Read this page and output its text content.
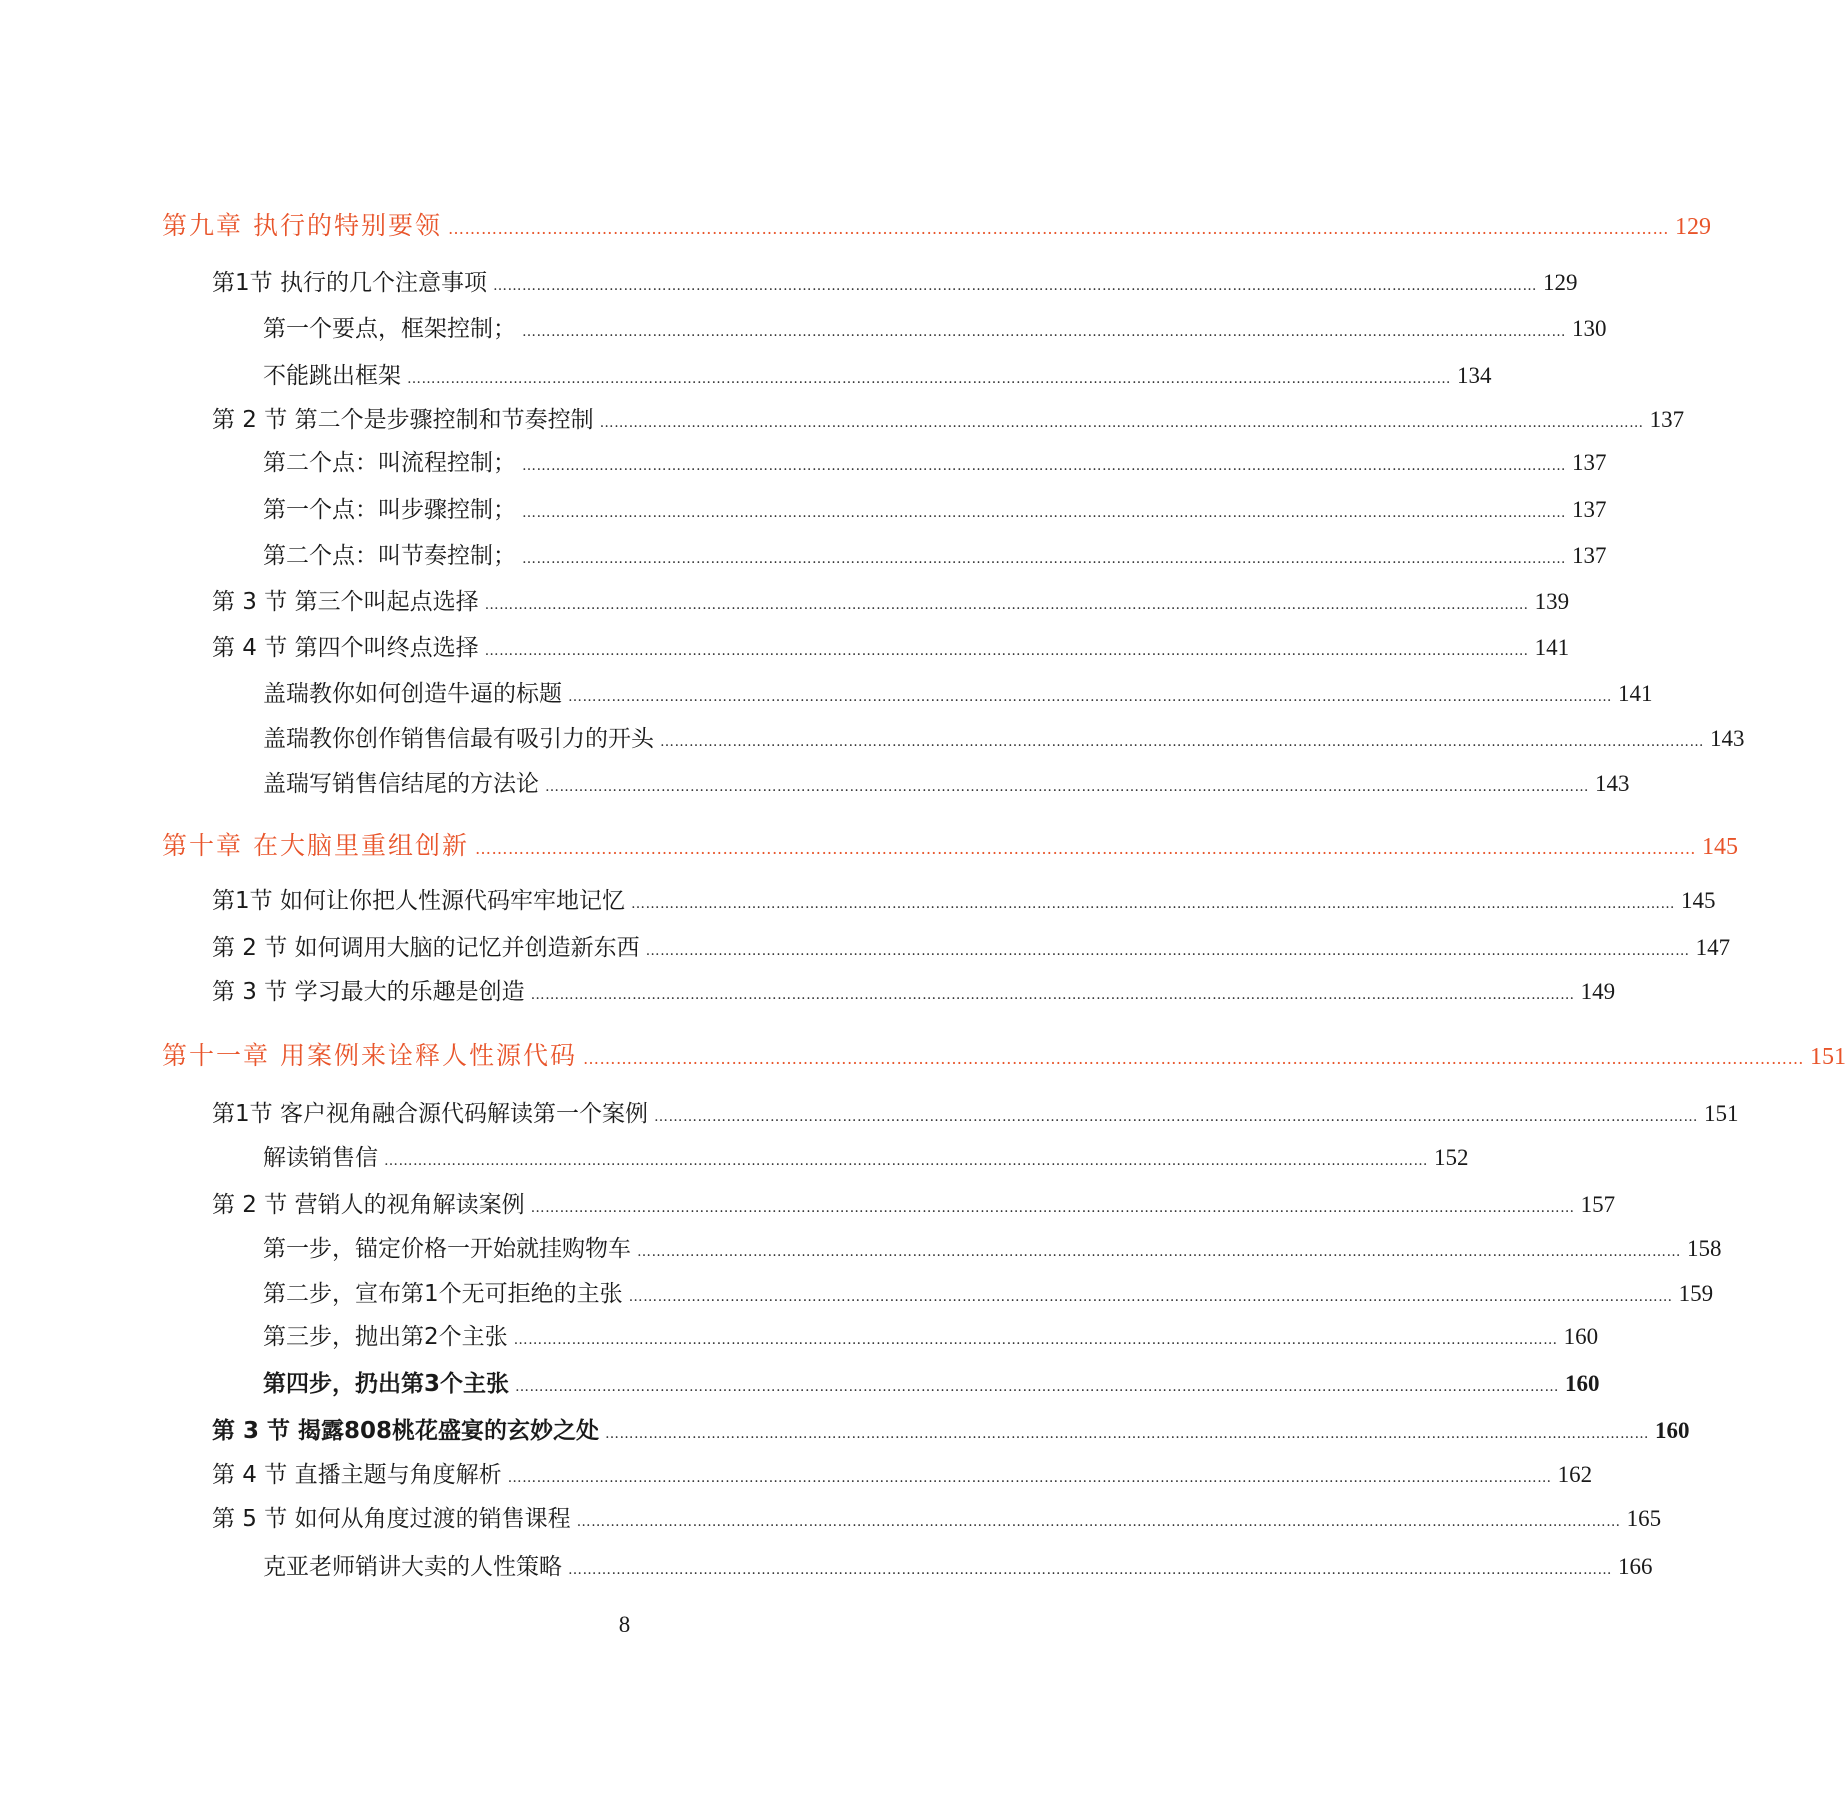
第九章 执行的特别要领 …………………………………………………………………………………………………………………………………………………………………………………………………… 129
第1节 执行的几个注意事项 ……………………………………………………………………………………………………………………………………………………………………………………………… 129
第一个要点，框架控制； ……………………………………………………………………………………………………………………………………………………………………………………………… 130
不能跳出框架 ……………………………………………………………………………………………………………………………………………………………………………………………… 134
第 2 节 第二个是步骤控制和节奏控制 ……………………………………………………………………………………………………………………………………………………………………………………………… 137
第二个点：叫流程控制； ……………………………………………………………………………………………………………………………………………………………………………………………… 137
第一个点：叫步骤控制； ……………………………………………………………………………………………………………………………………………………………………………………………… 137
第二个点：叫节奏控制； ……………………………………………………………………………………………………………………………………………………………………………………………… 137
第 3 节 第三个叫起点选择 ……………………………………………………………………………………………………………………………………………………………………………………………… 139
第 4 节 第四个叫终点选择 ……………………………………………………………………………………………………………………………………………………………………………………………… 141
盖瑞教你如何创造牛逼的标题 ……………………………………………………………………………………………………………………………………………………………………………………………… 141
盖瑞教你创作销售信最有吸引力的开头 ……………………………………………………………………………………………………………………………………………………………………………………………… 143
盖瑞写销售信结尾的方法论 ……………………………………………………………………………………………………………………………………………………………………………………………… 143
第十章 在大脑里重组创新 …………………………………………………………………………………………………………………………………………………………………………………………………… 145
第1节 如何让你把人性源代码牢牢地记忆 ……………………………………………………………………………………………………………………………………………………………………………………………… 145
第 2 节 如何调用大脑的记忆并创造新东西 ……………………………………………………………………………………………………………………………………………………………………………………………… 147
第 3 节 学习最大的乐趣是创造 ……………………………………………………………………………………………………………………………………………………………………………………………… 149
第十一章 用案例来诠释人性源代码 …………………………………………………………………………………………………………………………………………………………………………………………………… 151
第1节 客户视角融合源代码解读第一个案例 ……………………………………………………………………………………………………………………………………………………………………………………………… 151
解读销售信 ……………………………………………………………………………………………………………………………………………………………………………………………… 152
第 2 节 营销人的视角解读案例 ……………………………………………………………………………………………………………………………………………………………………………………………… 157
第一步，锚定价格一开始就挂购物车 ……………………………………………………………………………………………………………………………………………………………………………………………… 158
第二步，宣布第1个无可拒绝的主张 ……………………………………………………………………………………………………………………………………………………………………………………………… 159
第三步，抛出第2个主张 ……………………………………………………………………………………………………………………………………………………………………………………………… 160
第四步，扔出第3个主张 ……………………………………………………………………………………………………………………………………………………………………………………………… 160
第 3 节 揭露808桃花盛宴的玄妙之处 ……………………………………………………………………………………………………………………………………………………………………………………………… 160
第 4 节 直播主题与角度解析 ……………………………………………………………………………………………………………………………………………………………………………………………… 162
第 5 节 如何从角度过渡的销售课程 ……………………………………………………………………………………………………………………………………………………………………………………………… 165
克亚老师销讲大卖的人性策略 ……………………………………………………………………………………………………………………………………………………………………………………………… 166
8
